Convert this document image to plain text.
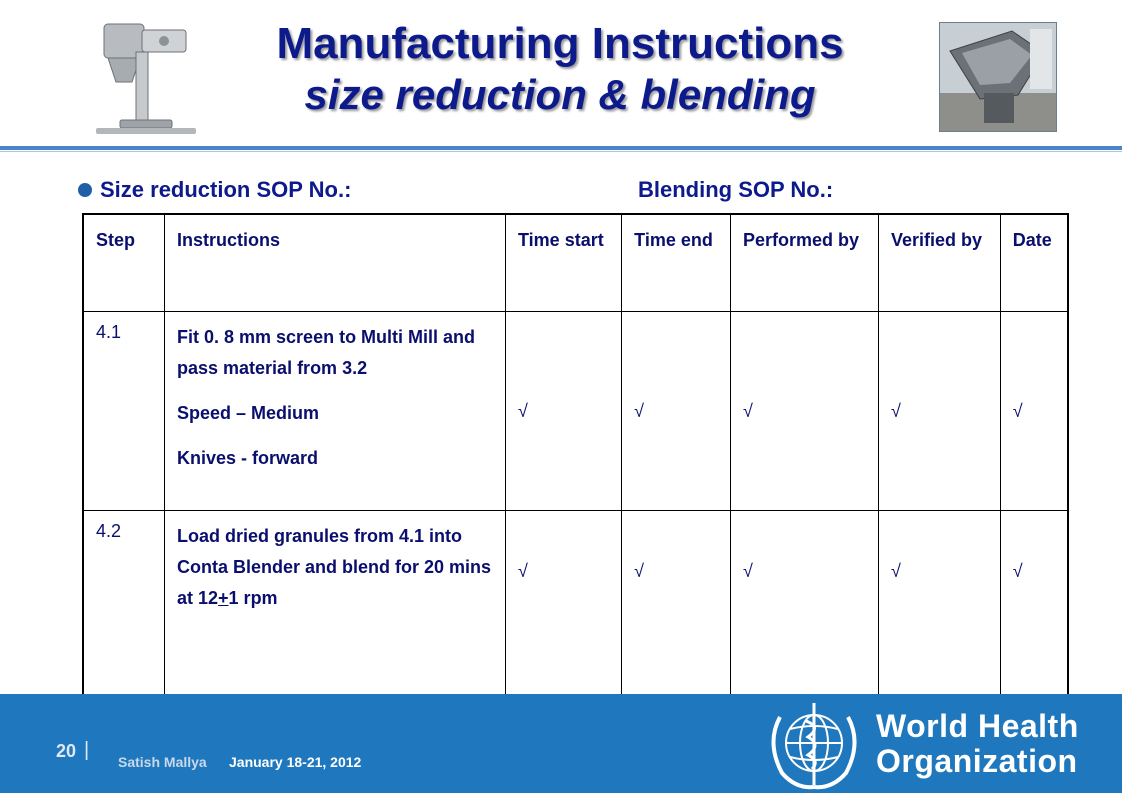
Manufacturing Instructions
size reduction & blending
Size reduction SOP No.:	Blending SOP No.:
Step	Instructions	Time start	Time end	Performed by	Verified by	Date
4.1	Fit 0. 8 mm screen to Multi Mill and pass material from 3.2
Speed – Medium
Knives - forward	√	√	√	√	√
4.2	Load dried granules from 4.1 into Conta Blender and blend for 20 mins at 12+1 rpm	√	√	√	√	√
20 |
Satish Mallya January 18-21, 2012
World Health
Organization
